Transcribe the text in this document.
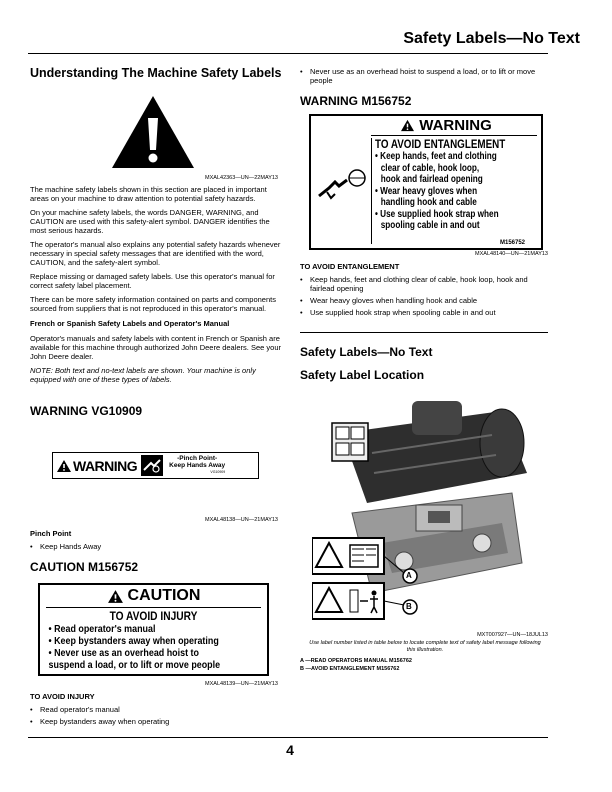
Safety Labels—No Text
Understanding The Machine Safety Labels
MXAL42363—UN—22MAY13

The machine safety labels shown in this section are placed in important areas on your machine to draw attention to potential safety hazards.

On your machine safety labels, the words DANGER, WARNING, and CAUTION are used with this safety-alert symbol. DANGER identifies the most serious hazards.

The operator's manual also explains any potential safety hazards whenever necessary in special safety messages that are identified with the word, CAUTION, and the safety-alert symbol.

Replace missing or damaged safety labels. Use this operator's manual for correct safety label placement.

There can be more safety information contained on parts and components sourced from suppliers that is not reproduced in this operator's manual.

French or Spanish Safety Labels and Operator's Manual

Operator's manuals and safety labels with content in French or Spanish are available for this machine through authorized John Deere dealers. See your John Deere dealer.

NOTE: Both text and no-text labels are shown. Your machine is only equipped with one of these types of labels.

WARNING VG10909
WARNING	-Pinch Point-
Keep Hands Away
VG10909
MXAL48138—UN—21MAY13
Pinch Point
• Keep Hands Away
CAUTION M156752
CAUTION
TO AVOID INJURY
• Read operator's manual
• Keep bystanders away when operating
• Never use as an overhead hoist to
suspend a load, or to lift or move people
MXAL48139—UN—21MAY13
TO AVOID INJURY
• Read operator's manual
• Keep bystanders away when operating
• Never use as an overhead hoist to suspend a load, or to lift or move people
WARNING M156752
WARNING
TO AVOID ENTANGLEMENT
• Keep hands, feet and clothing
clear of cable, hook loop,
hook and fairlead opening
• Wear heavy gloves when
handling hook and cable
• Use supplied hook strap when
spooling cable in and out
M156752
MXAL48140—UN—21MAY13
TO AVOID ENTANGLEMENT
• Keep hands, feet and clothing clear of cable, hook loop, hook and fairlead opening
• Wear heavy gloves when handling hook and cable
• Use supplied hook strap when spooling cable in and out
Safety Labels—No Text
Safety Label Location
A
B
MXT007927—UN—18JUL13
Use label number listed in table below to locate complete text of safety label message following this illustration.
A —READ OPERATORS MANUAL M156762
B —AVOID ENTANGLEMENT M156762
4
